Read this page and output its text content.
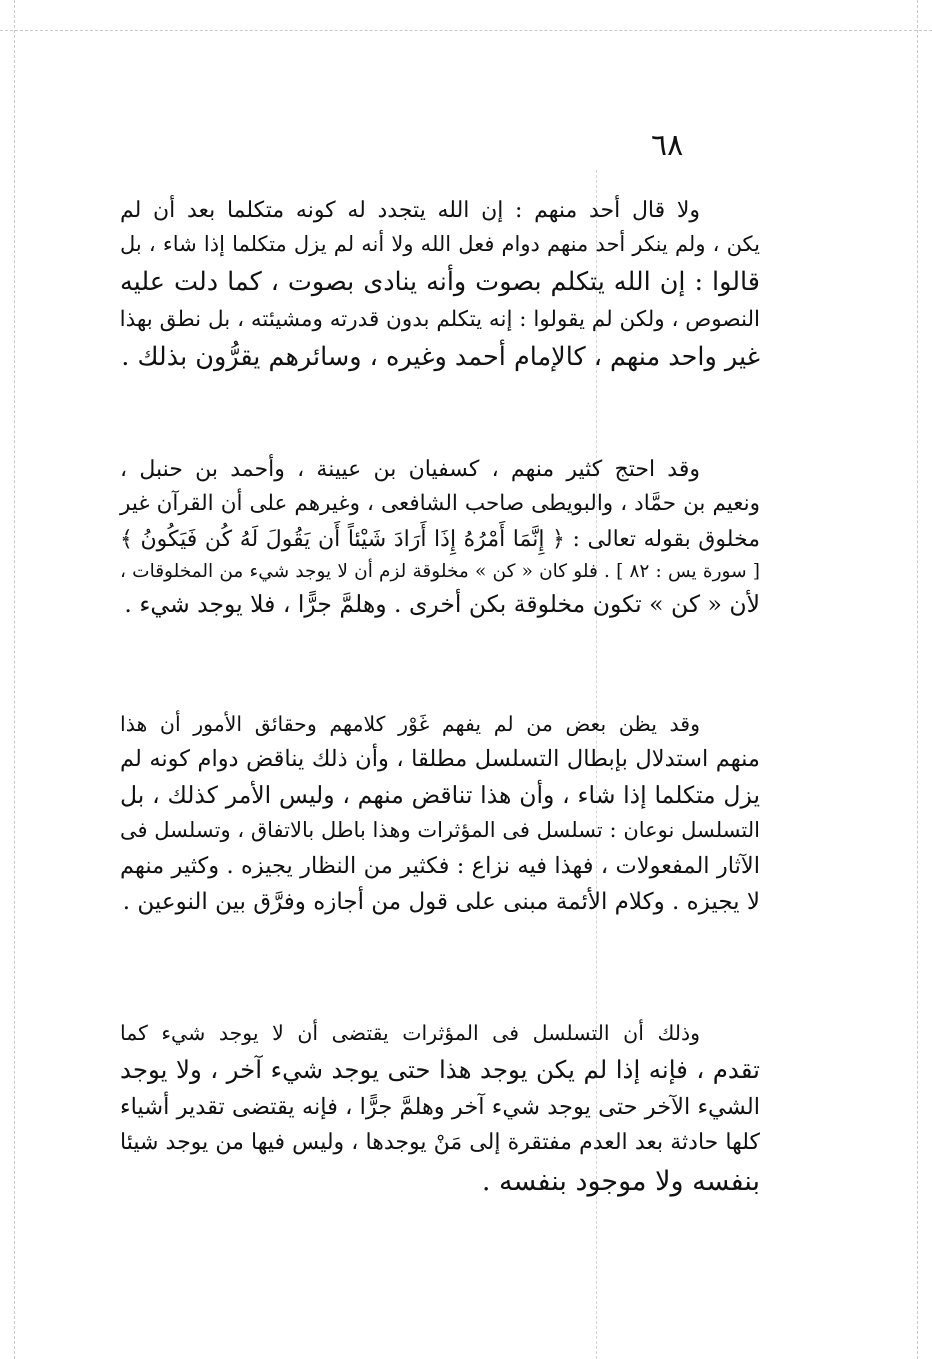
٦٨
ولا قال أحد منهم : إن الله يتجدد له كونه متكلما بعد أن لم
يكن ، ولم ينكر أحد منهم دوام فعل الله ولا أنه لم يزل متكلما إذا شاء ، بل
قالوا : إن الله يتكلم بصوت وأنه ينادى بصوت ، كما دلت عليه
النصوص ، ولكن لم يقولوا : إنه يتكلم بدون قدرته ومشيئته ، بل نطق بهذا
غير واحد منهم ، كالإمام أحمد وغيره ، وسائرهم يقرُّون بذلك .
وقد احتج كثير منهم ، كسفيان بن عيينة ، وأحمد بن حنبل ،
ونعيم بن حمَّاد ، والبويطى صاحب الشافعى ، وغيرهم على أن القرآن غير
مخلوق بقوله تعالى : ﴿ إِنَّمَا أَمْرُهُ إِذَا أَرَادَ شَيْئاً أَن يَقُولَ لَهُ كُن فَيَكُونُ ﴾
[ سورة يس : ٨٢ ] . فلو كان « كن » مخلوقة لزم أن لا يوجد شيء من المخلوقات ،
لأن « كن » تكون مخلوقة بكن أخرى . وهلمَّ جرًّا ، فلا يوجد شيء .
وقد يظن بعض من لم يفهم غَوْر كلامهم وحقائق الأمور أن هذا
منهم استدلال بإبطال التسلسل مطلقا ، وأن ذلك يناقض دوام كونه لم
يزل متكلما إذا شاء ، وأن هذا تناقض منهم ، وليس الأمر كذلك ، بل
التسلسل نوعان : تسلسل فى المؤثرات وهذا باطل بالاتفاق ، وتسلسل فى
الآثار المفعولات ، فهذا فيه نزاع : فكثير من النظار يجيزه . وكثير منهم
لا يجيزه . وكلام الأئمة مبنى على قول من أجازه وفرَّق بين النوعين .
وذلك أن التسلسل فى المؤثرات يقتضى أن لا يوجد شيء كما
تقدم ، فإنه إذا لم يكن يوجد هذا حتى يوجد شيء آخر ، ولا يوجد
الشيء الآخر حتى يوجد شيء آخر وهلمَّ جرًّا ، فإنه يقتضى تقدير أشياء
كلها حادثة بعد العدم مفتقرة إلى مَنْ يوجدها ، وليس فيها من يوجد شيئا
بنفسه ولا موجود بنفسه .
